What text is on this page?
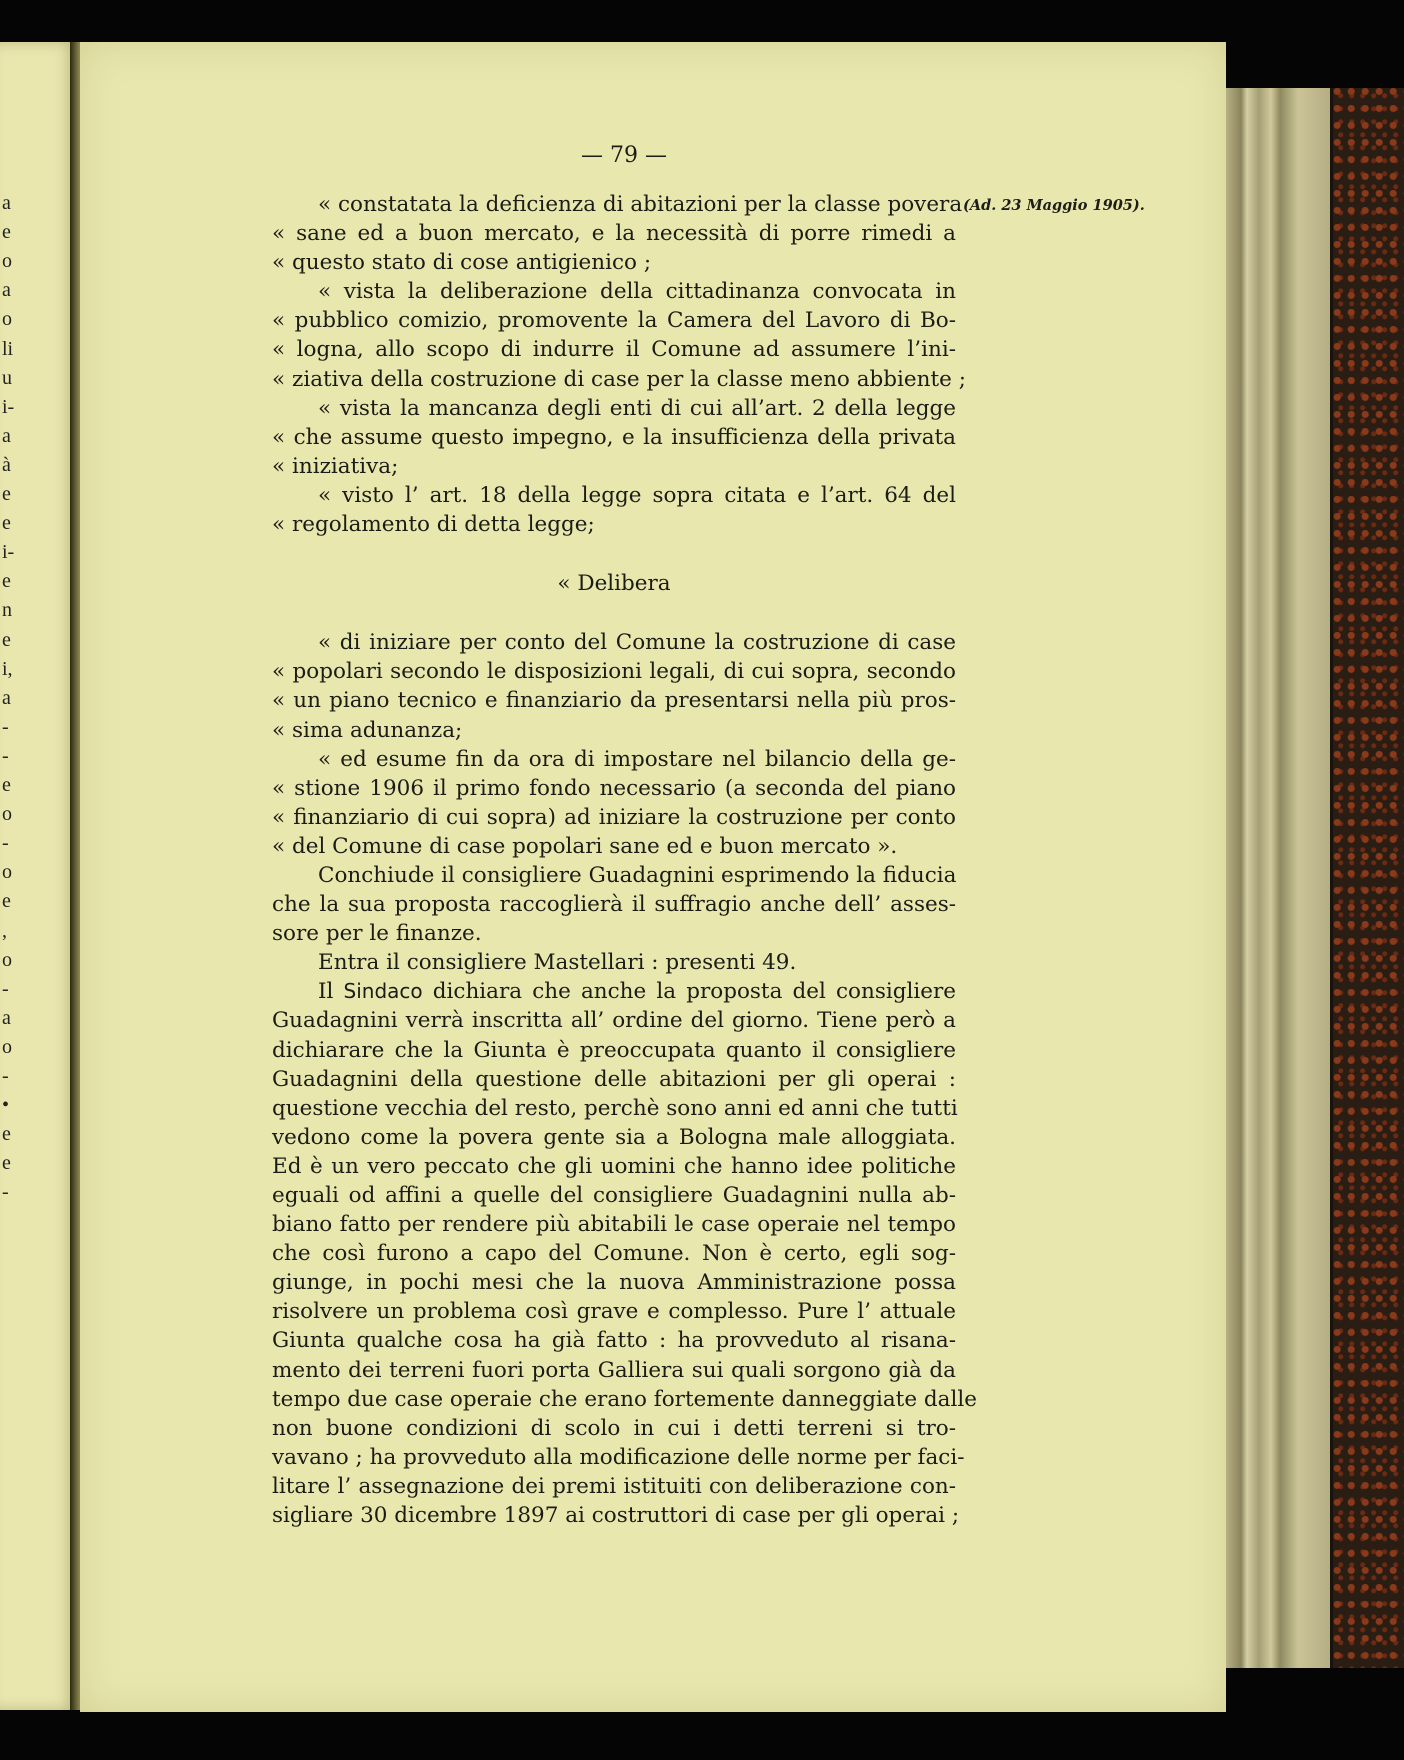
a
e
o
a
o
li
u
i-
a
à
e
e
i-
e
n
e
i,
a
-
-
e
o
-
o
e
,
o
-
a
o
-
•
e
e
-
(Ad. 23 Maggio 1905).
— 79 —
« constatata la deficienza di abitazioni per la classe povera
« sane ed a buon mercato, e la necessità di porre rimedi a
« questo stato di cose antigienico ;
« vista la deliberazione della cittadinanza convocata in
« pubblico comizio, promovente la Camera del Lavoro di Bo-
« logna, allo scopo di indurre il Comune ad assumere l’ini-
« ziativa della costruzione di case per la classe meno abbiente ;
« vista la mancanza degli enti di cui all’art. 2 della legge
« che assume questo impegno, e la insufficienza della privata
« iniziativa;
« visto l’ art. 18 della legge sopra citata e l’art. 64 del
« regolamento di detta legge;
« Delibera
« di iniziare per conto del Comune la costruzione di case
« popolari secondo le disposizioni legali, di cui sopra, secondo
« un piano tecnico e finanziario da presentarsi nella più pros-
« sima adunanza;
« ed esume fin da ora di impostare nel bilancio della ge-
« stione 1906 il primo fondo necessario (a seconda del piano
« finanziario di cui sopra) ad iniziare la costruzione per conto
« del Comune di case popolari sane ed e buon mercato ».
Conchiude il consigliere Guadagnini esprimendo la fiducia
che la sua proposta raccoglierà il suffragio anche dell’ asses-
sore per le finanze.
Entra il consigliere Mastellari : presenti 49.
Il Sindaco dichiara che anche la proposta del consigliere
Guadagnini verrà inscritta all’ ordine del giorno. Tiene però a
dichiarare che la Giunta è preoccupata quanto il consigliere
Guadagnini della questione delle abitazioni per gli operai :
questione vecchia del resto, perchè sono anni ed anni che tutti
vedono come la povera gente sia a Bologna male alloggiata.
Ed è un vero peccato che gli uomini che hanno idee politiche
eguali od affini a quelle del consigliere Guadagnini nulla ab-
biano fatto per rendere più abitabili le case operaie nel tempo
che così furono a capo del Comune. Non è certo, egli sog-
giunge, in pochi mesi che la nuova Amministrazione possa
risolvere un problema così grave e complesso. Pure l’ attuale
Giunta qualche cosa ha già fatto : ha provveduto al risana-
mento dei terreni fuori porta Galliera sui quali sorgono già da
tempo due case operaie che erano fortemente danneggiate dalle
non buone condizioni di scolo in cui i detti terreni si tro-
vavano ; ha provveduto alla modificazione delle norme per faci-
litare l’ assegnazione dei premi istituiti con deliberazione con-
sigliare 30 dicembre 1897 ai costruttori di case per gli operai ;
